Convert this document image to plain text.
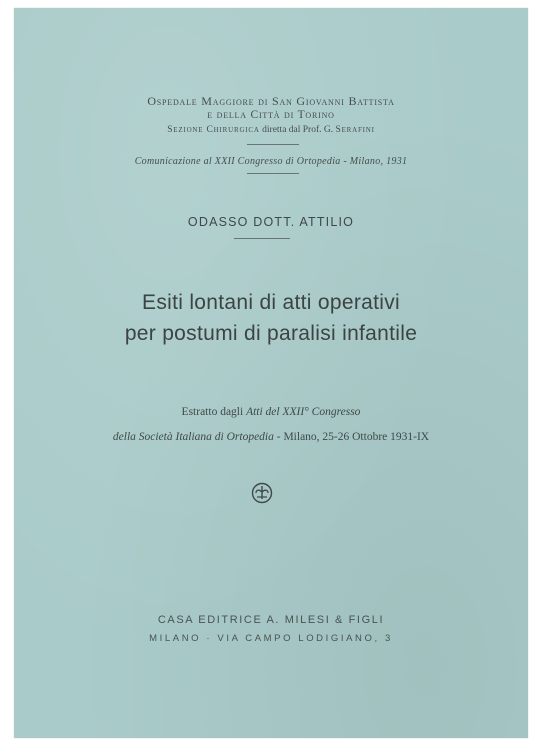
Ospedale Maggiore di San Giovanni Battista
e della Città di Torino
Sezione Chirurgica diretta dal Prof. G. Serafini
Comunicazione al XXII Congresso di Ortopedia - Milano, 1931
ODASSO DOTT. ATTILIO
Esiti lontani di atti operativi
per postumi di paralisi infantile
Estratto dagli Atti del XXII° Congresso
della Società Italiana di Ortopedia - Milano, 25-26 Ottobre 1931-IX
CASA EDITRICE A. MILESI & FIGLI
MILANO · VIA CAMPO LODIGIANO, 3
